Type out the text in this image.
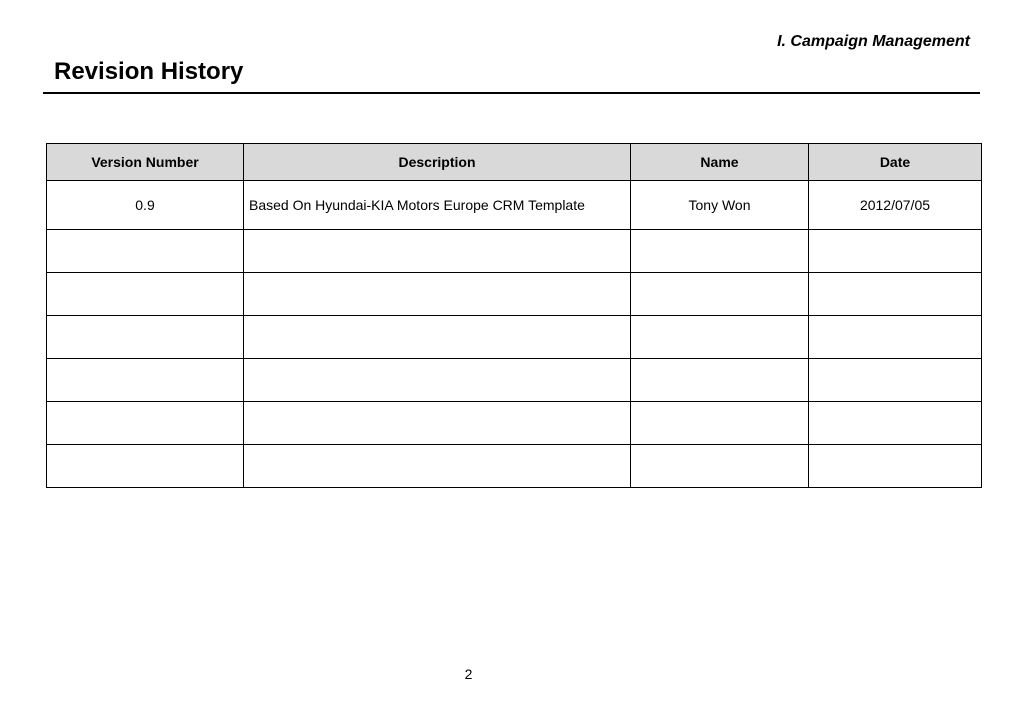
I. Campaign Management

Revision History
Version Number	Description	Name	Date
0.9	Based On Hyundai-KIA Motors Europe CRM Template	Tony Won	2012/07/05

2
